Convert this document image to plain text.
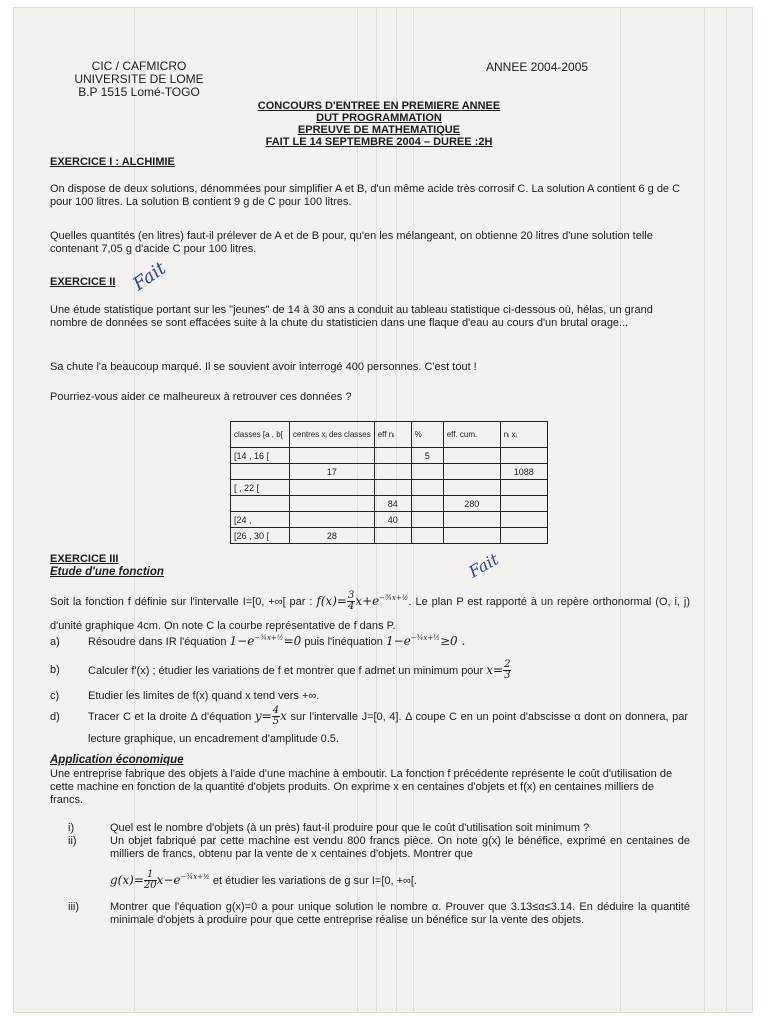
CIC / CAFMICRO
UNIVERSITE DE LOME
B.P 1515 Lomé-TOGO
ANNEE 2004-2005
CONCOURS D'ENTREE EN PREMIERE ANNEE
DUT PROGRAMMATION
EPREUVE DE MATHEMATIQUE
FAIT LE 14 SEPTEMBRE 2004 – DUREE :2H
EXERCICE I : ALCHIMIE
On dispose de deux solutions, dénommées pour simplifier A et B, d'un même acide très corrosif C. La solution A contient 6 g de C pour 100 litres. La solution B contient 9 g de C pour 100 litres.
Quelles quantités (en litres) faut-il prélever de A et de B pour, qu'en les mélangeant, on obtienne 20 litres d'une solution telle contenant 7,05 g d'acide C pour 100 litres.
EXERCICE II Fait
Une étude statistique portant sur les "jeunes" de 14 à 30 ans a conduit au tableau statistique ci-dessous où, hélas, un grand nombre de données se sont effacées suite à la chute du statisticien dans une flaque d'eau au cours d'un brutal orage...
Sa chute l'a beaucoup marqué. Il se souvient avoir interrogé 400 personnes. C'est tout !
Pourriez-vous aider ce malheureux à retrouver ces données ?
classes [a , b[	centres xᵢ des classes	eff nᵢ	%	eff. cum.	nᵢ xᵢ
[14 , 16 [			5		
	17				1088
[ , 22 [					
		84		280	
[24 ,		40			
[26 , 30 [	28				
EXERCICE III
Etude d'une fonction	Fait
Soit la fonction f définie sur l'intervalle I=[0, +∞[ par : $f(x)= \frac{3}{4} x+e^{-\frac{3}{4}x+\frac{1}{2}}$. Le plan P est rapporté à un repère orthonormal (O, i, j) d'unité graphique 4cm. On note C la courbe représentative de f dans P.
a)	Résoudre dans IR l'équation $1-e^{-\frac{3}{4}x+\frac{1}{2}}=0$ puis l'inéquation $1-e^{-\frac{3}{4}x+\frac{1}{2}}\ge 0$ .
b)	Calculer f'(x) ; étudier les variations de f et montrer que f admet un minimum pour $x= \frac{2}{3}$
c)	Etudier les limites de f(x) quand x tend vers +∞.
d)	Tracer C et la droite Δ d'équation $y= \frac{4}{5}$ x sur l'intervalle J=[0, 4]. Δ coupe C en un point d'abscisse α dont on donnera, par lecture graphique, un encadrement d'amplitude 0.5.
Application économique
Une entreprise fabrique des objets à l'aide d'une machine à emboutir. La fonction f précédente représente le coût d'utilisation de cette machine en fonction de la quantité d'objets produits. On exprime x en centaines d'objets et f(x) en centaines milliers de francs.
i)	Quel est le nombre d'objets (à un près) faut-il produire pour que le coût d'utilisation soit minimum ?
ii)	Un objet fabriqué par cette machine est vendu 800 francs pièce. On note g(x) le bénéfice, exprimé en centaines de milliers de francs, obtenu par la vente de x centaines d'objets. Montrer que
$g(x)= \frac{1}{20} x-e^{-\frac{3}{4}x+\frac{1}{2}}$ et étudier les variations de g sur I=[0, +∞[.
iii)	Montrer que l'équation g(x)=0 a pour unique solution le nombre α. Prouver que 3.13≤α≤3.14. En déduire la quantité minimale d'objets à produire pour que cette entreprise réalise un bénéfice sur la vente des objets.
